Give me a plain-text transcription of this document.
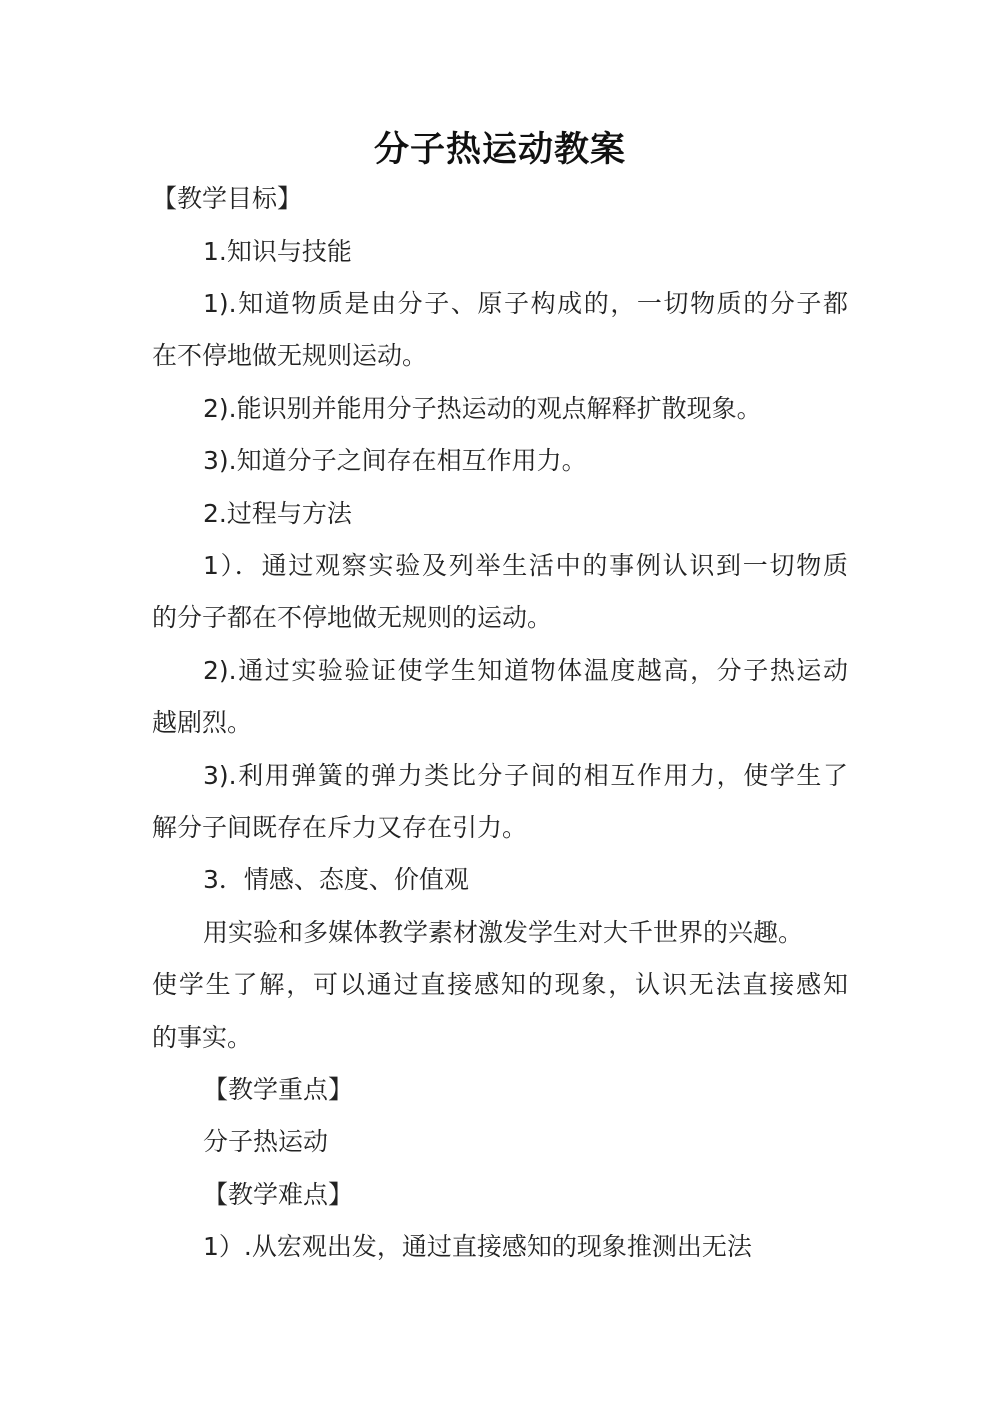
分子热运动教案

【教学目标】

1.知识与技能

1).知道物质是由分子、原子构成的，一切物质的分子都

在不停地做无规则运动。

2).能识别并能用分子热运动的观点解释扩散现象。

3).知道分子之间存在相互作用力。

2.过程与方法

1）．通过观察实验及列举生活中的事例认识到一切物质

的分子都在不停地做无规则的运动。

2).通过实验验证使学生知道物体温度越高，分子热运动

越剧烈。

3).利用弹簧的弹力类比分子间的相互作用力，使学生了

解分子间既存在斥力又存在引力。

3．情感、态度、价值观

用实验和多媒体教学素材激发学生对大千世界的兴趣。

使学生了解，可以通过直接感知的现象，认识无法直接感知

的事实。

【教学重点】

分子热运动

【教学难点】

1）.从宏观出发，通过直接感知的现象推测出无法
